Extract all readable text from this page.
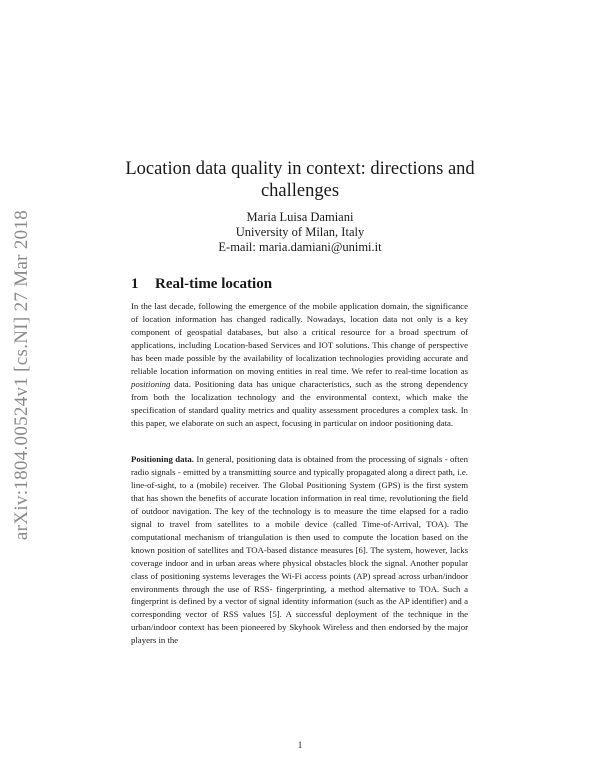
arXiv:1804.00524v1 [cs.NI] 27 Mar 2018
Location data quality in context: directions and
challenges
Maria Luisa Damiani
University of Milan, Italy
E-mail: maria.damiani@unimi.it
1 Real-time location
In the last decade, following the emergence of the mobile application domain, the significance of location information has changed radically. Nowadays, location data not only is a key component of geospatial databases, but also a critical resource for a broad spectrum of applications, including Location-based Services and IOT solutions. This change of perspective has been made possible by the availability of localization technologies providing accurate and reliable location information on moving entities in real time. We refer to real-time location as positioning data. Positioning data has unique characteristics, such as the strong dependency from both the localization technology and the environmental context, which make the specification of standard quality metrics and quality assessment procedures a complex task. In this paper, we elaborate on such an aspect, focusing in particular on indoor positioning data.
Positioning data. In general, positioning data is obtained from the processing of signals - often radio signals - emitted by a transmitting source and typically propagated along a direct path, i.e. line-of-sight, to a (mobile) receiver. The Global Positioning System (GPS) is the first system that has shown the benefits of accurate location information in real time, revolutioning the field of outdoor navigation. The key of the technology is to measure the time elapsed for a radio signal to travel from satellites to a mobile device (called Time-of-Arrival, TOA). The computational mechanism of triangulation is then used to compute the location based on the known position of satellites and TOA-based distance measures [6]. The system, however, lacks coverage indoor and in urban areas where physical obstacles block the signal. Another popular class of positioning systems leverages the Wi-Fi access points (AP) spread across urban/indoor environments through the use of RSS- fingerprinting, a method alternative to TOA. Such a fingerprint is defined by a vector of signal identity information (such as the AP identifier) and a corresponding vector of RSS values [5]. A successful deployment of the technique in the urban/indoor context has been pioneered by Skyhook Wireless and then endorsed by the major players in the
1
